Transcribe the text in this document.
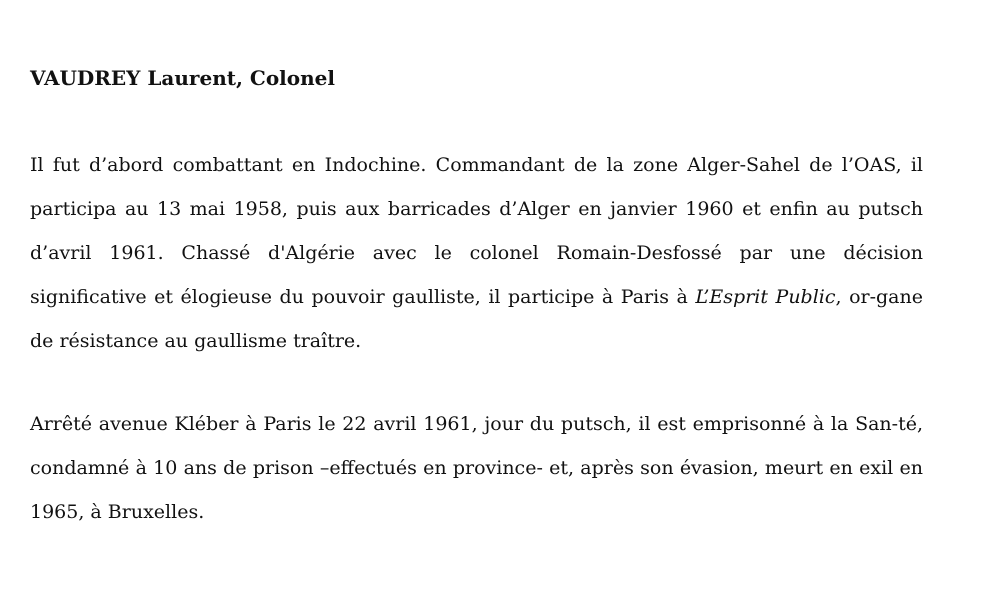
VAUDREY Laurent, Colonel

Il fut d’abord combattant en Indochine. Commandant de la zone Alger-Sahel de l’OAS, il participa au 13 mai 1958, puis aux barricades d’Alger en janvier 1960 et enfin au putsch d’avril 1961. Chassé d'Algérie avec le colonel Romain-Desfossé par une décision significative et élogieuse du pouvoir gaulliste, il participe à Paris à L’Esprit Public, or-gane de résistance au gaullisme traître.

Arrêté avenue Kléber à Paris le 22 avril 1961, jour du putsch, il est emprisonné à la San-té, condamné à 10 ans de prison –effectués en province- et, après son évasion, meurt en exil en 1965, à Bruxelles.
